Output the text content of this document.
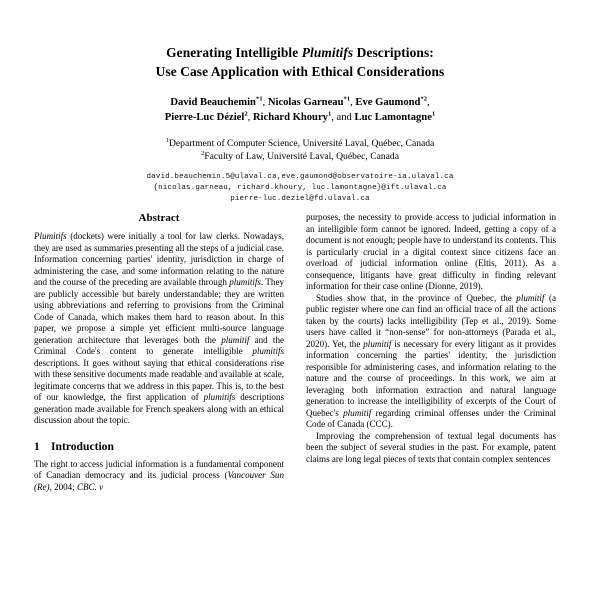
Generating Intelligible Plumitifs Descriptions:
Use Case Application with Ethical Considerations
David Beauchemin$^{*1}$, Nicolas Garneau$^{*1}$, Eve Gaumond$^{*2}$,
Pierre-Luc Déziel$^2$, Richard Khoury$^1$, and Luc Lamontagne$^1$
$^1$Department of Computer Science, Université Laval, Québec, Canada
$^2$Faculty of Law, Université Laval, Québec, Canada
david.beauchemin.5@ulaval.ca,eve.gaumond@observatoire-ia.ulaval.ca
{nicolas.garneau, richard.khoury, luc.lamontagne}@ift.ulaval.ca
pierre-luc.deziel@fd.ulaval.ca
Abstract

Plumitifs (dockets) were initially a tool for law clerks. Nowadays, they are used as summaries presenting all the steps of a judicial case. Information concerning parties' identity, jurisdiction in charge of administering the case, and some information relating to the nature and the course of the preceding are available through plumitifs. They are publicly accessible but barely understandable; they are written using abbreviations and referring to provisions from the Criminal Code of Canada, which makes them hard to reason about. In this paper, we propose a simple yet efficient multi-source language generation architecture that leverages both the plumitif and the Criminal Code's content to generate intelligible plumitifs descriptions. It goes without saying that ethical considerations rise with these sensitive documents made readable and available at scale, legitimate concerns that we address in this paper. This is, to the best of our knowledge, the first application of plumitifs descriptions generation made available for French speakers along with an ethical discussion about the topic.

1 Introduction

The right to access judicial information is a fundamental component of Canadian democracy and its judicial process (Vancouver Sun (Re), 2004; CBC. v

purposes, the necessity to provide access to judicial information in an intelligible form cannot be ignored. Indeed, getting a copy of a document is not enough; people have to understand its contents. This is particularly crucial in a digital context since citizens face an overload of judicial information online (Eltis, 2011). As a consequence, litigants have great difficulty in finding relevant information for their case online (Dionne, 2019).

Studies show that, in the province of Quebec, the plumitif (a public register where one can find an official trace of all the actions taken by the courts) lacks intelligibility (Tep et al., 2019). Some users have called it “non-sense” for non-attorneys (Parada et al., 2020). Yet, the plumitif is necessary for every litigant as it provides information concerning the parties' identity, the jurisdiction responsible for administering cases, and information relating to the nature and the course of proceedings. In this work, we aim at leveraging both information extraction and natural language generation to increase the intelligibility of excerpts of the Court of Quebec's plumitif regarding criminal offenses under the Criminal Code of Canada (CCC).

Improving the comprehension of textual legal documents has been the subject of several studies in the past. For example, patent claims are long legal pieces of texts that contain complex sentences
